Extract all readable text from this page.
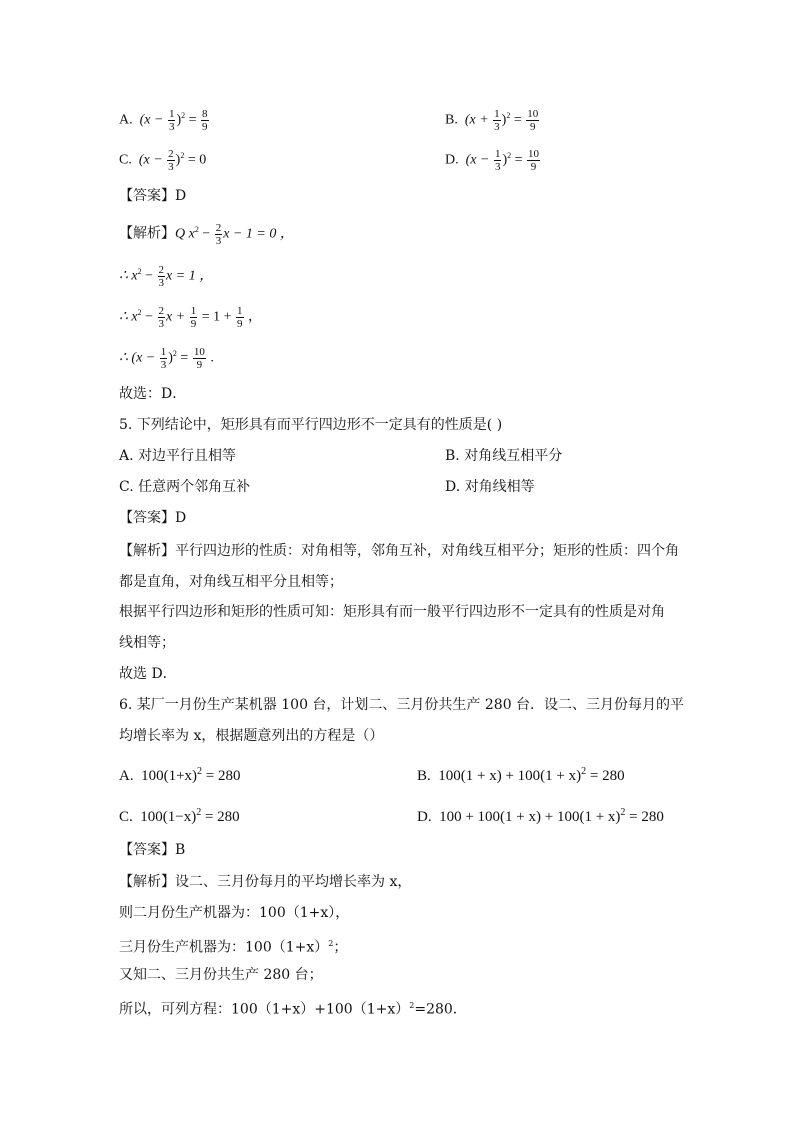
A. $(x - \frac{1}{3} )^2 = \frac{8}{9}$	B. $(x + \frac{1}{3} )^2 = \frac{10}{9}$
C. $(x - \frac{2}{3} )^2 = 0$	D. $(x - \frac{1}{3} )^2 = \frac{10}{9}$
【答案】D
【解析】Q $x^2 - \frac{2}{3}$ x − 1 = 0 ，
∴ $x^2 - \frac{2}{3}$ x = 1 ，
∴ $x^2 - \frac{2}{3}$ $x + \frac{1}{9} = 1 + \frac{1}{9}$ ，
∴ $(x - \frac{1}{3} )^2 = \frac{10}{9}$ .
故选：D．
5. 下列结论中，矩形具有而平行四边形不一定具有的性质是( )
A. 对边平行且相等	B. 对角线互相平分
C. 任意两个邻角互补	D. 对角线相等
【答案】D
【解析】平行四边形的性质：对角相等，邻角互补，对角线互相平分；矩形的性质：四个角
都是直角，对角线互相平分且相等；
根据平行四边形和矩形的性质可知：矩形具有而一般平行四边形不一定具有的性质是对角
线相等；
故选 D．
6. 某厂一月份生产某机器 100 台，计划二、三月份共生产 280 台．设二、三月份每月的平
均增长率为 x，根据题意列出的方程是（）
A. $100(1+x)^2 = 280$	B. $100(1 + x) + 100(1 + x)^2 = 280$
C. $100(1-x)^2 = 280$	D. $100 + 100(1 + x) + 100(1 + x)^2 = 280$
【答案】B
【解析】设二、三月份每月的平均增长率为 x，
则二月份生产机器为：100（1+x），
三月份生产机器为：$100(1+x)^2$；
又知二、三月份共生产 280 台；
所以，可列方程：$100(1+x)+100(1+x)^2=280$．
